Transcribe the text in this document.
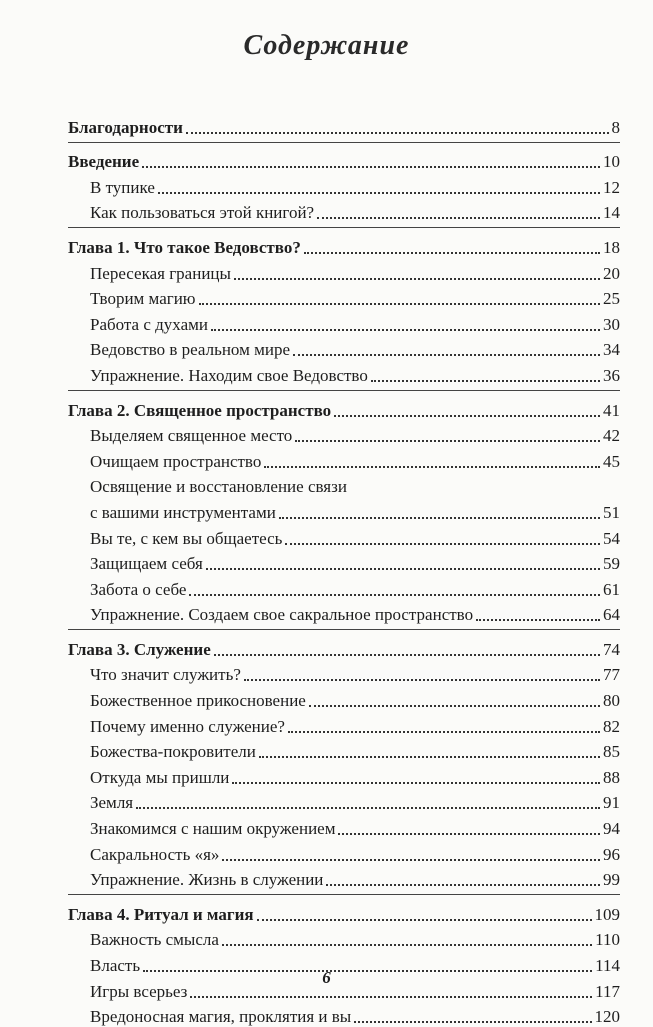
Содержание
Благодарности	8
Введение	10
В тупике	12
Как пользоваться этой книгой?	14
Глава 1. Что такое Ведовство?	18
Пересекая границы	20
Творим магию	25
Работа с духами	30
Ведовство в реальном мире	34
Упражнение. Находим свое Ведовство	36
Глава 2. Священное пространство	41
Выделяем священное место	42
Очищаем пространство	45
Освящение и восстановление связи
с вашими инструментами	51
Вы те, с кем вы общаетесь	54
Защищаем себя	59
Забота о себе	61
Упражнение. Создаем свое сакральное пространство	64
Глава 3. Служение	74
Что значит служить?	77
Божественное прикосновение	80
Почему именно служение?	82
Божества-покровители	85
Откуда мы пришли	88
Земля	91
Знакомимся с нашим окружением	94
Сакральность «я»	96
Упражнение. Жизнь в служении	99
Глава 4. Ритуал и магия	109
Важность смысла	110
Власть	114
Игры всерьез	117
Вредоносная магия, проклятия и вы	120
6
